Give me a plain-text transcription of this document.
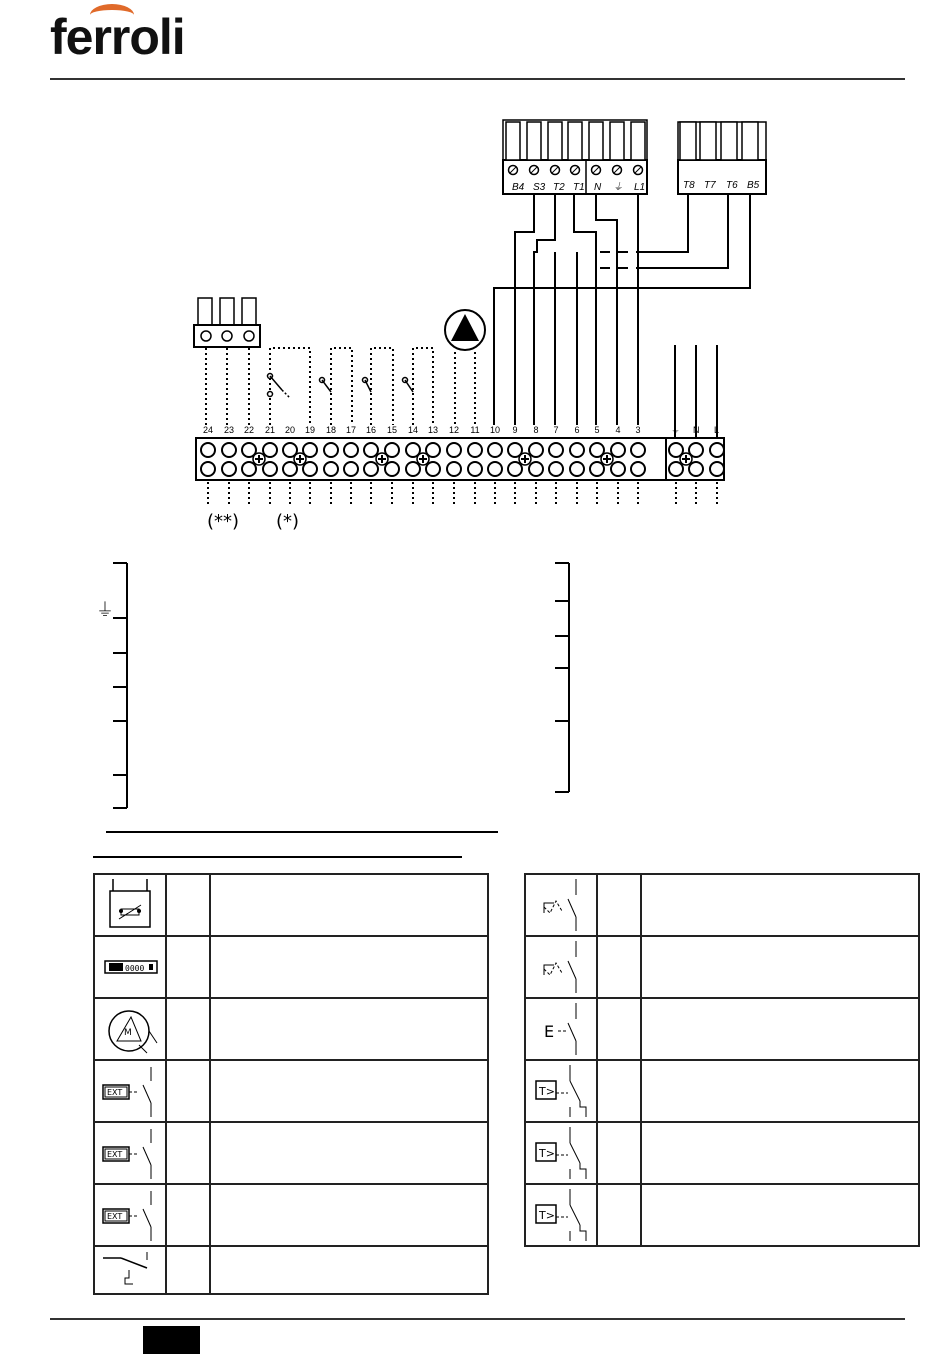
ferroli
B4 S3 T2 T1 N ⏚ L1	T8 T7 T6 B5
24 23 22 21 20 19 18 17 16 15 14 13 12 11 10 9 8 7 6 5 4 3	⏚ N L
(**) (*)
⏚

0000		

M		

EXT		

EXT		

EXT		

E		

T>		

T>		

T>		
